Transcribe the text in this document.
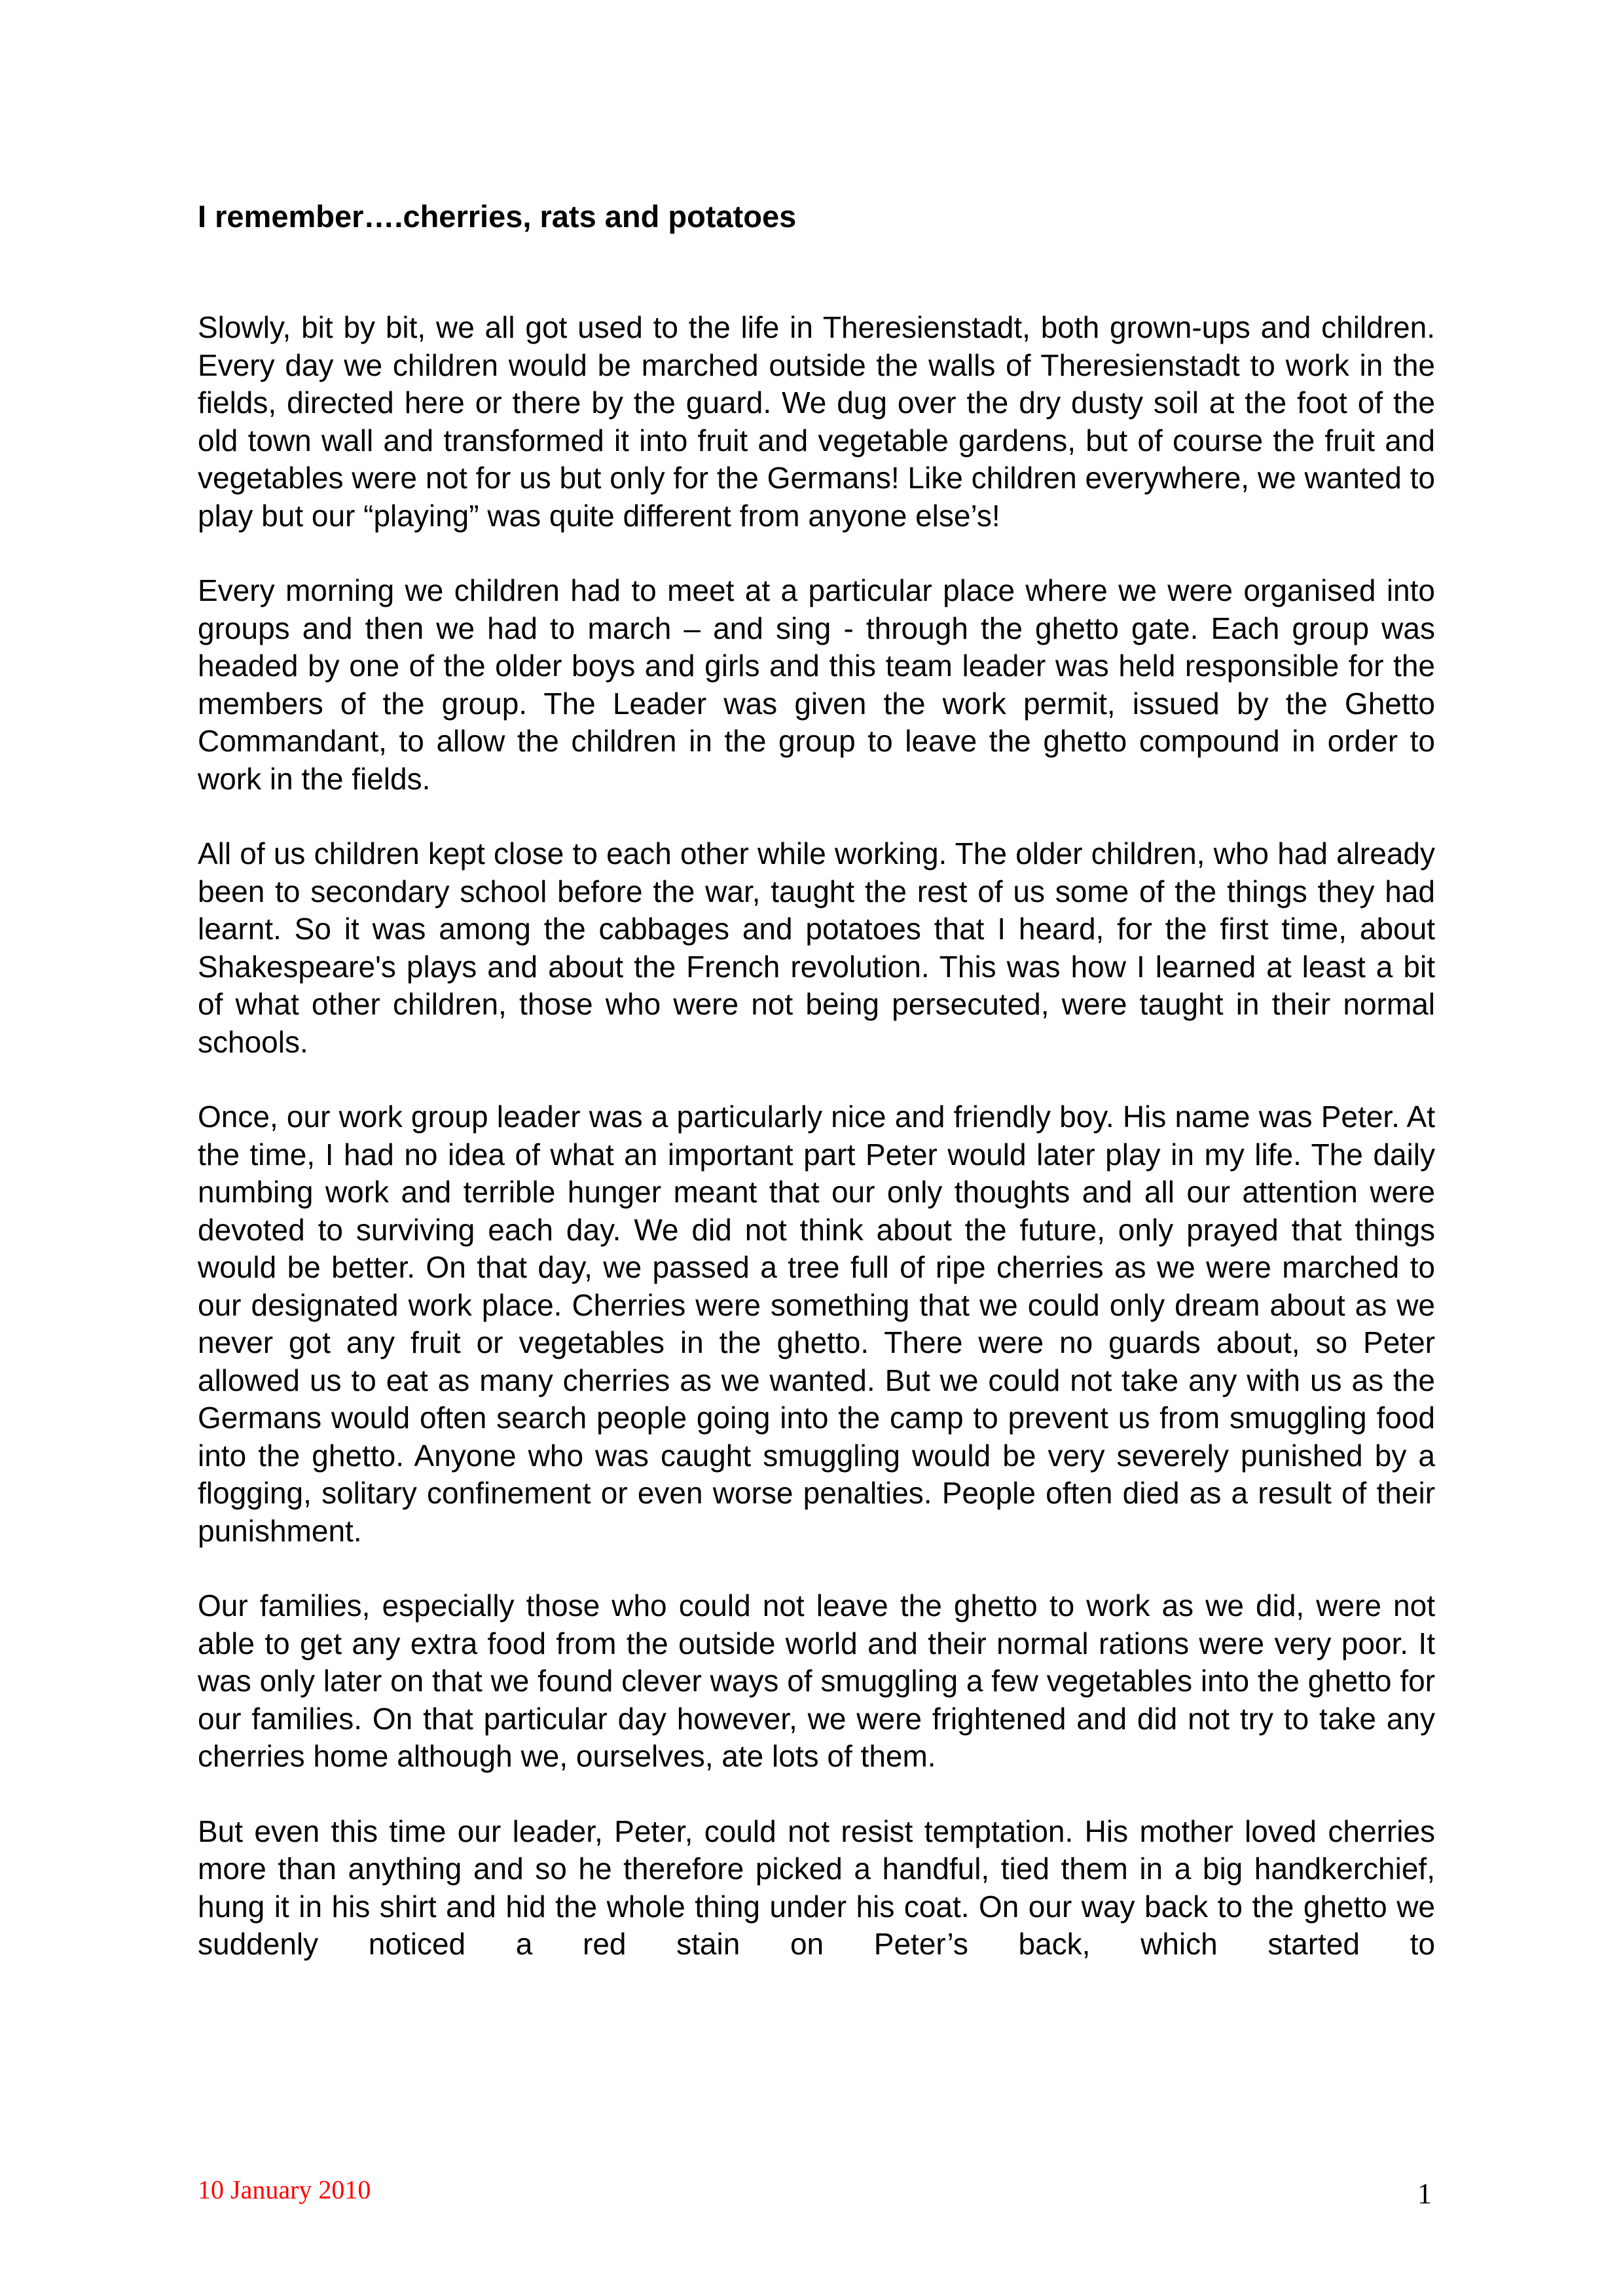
I remember….cherries, rats and potatoes

Slowly, bit by bit, we all got used to the life in Theresienstadt, both grown-ups and children. Every day we children would be marched outside the walls of Theresienstadt to work in the fields, directed here or there by the guard. We dug over the dry dusty soil at the foot of the old town wall and transformed it into fruit and vegetable gardens, but of course the fruit and vegetables were not for us but only for the Germans! Like children everywhere, we wanted to play but our “playing” was quite different from anyone else’s!

Every morning we children had to meet at a particular place where we were organised into groups and then we had to march – and sing - through the ghetto gate. Each group was headed by one of the older boys and girls and this team leader was held responsible for the members of the group. The Leader was given the work permit, issued by the Ghetto Commandant, to allow the children in the group to leave the ghetto compound in order to work in the fields.

All of us children kept close to each other while working. The older children, who had already been to secondary school before the war, taught the rest of us some of the things they had learnt. So it was among the cabbages and potatoes that I heard, for the first time, about Shakespeare's plays and about the French revolution. This was how I learned at least a bit of what other children, those who were not being persecuted, were taught in their normal schools.

Once, our work group leader was a particularly nice and friendly boy. His name was Peter. At the time, I had no idea of what an important part Peter would later play in my life. The daily numbing work and terrible hunger meant that our only thoughts and all our attention were devoted to surviving each day. We did not think about the future, only prayed that things would be better. On that day, we passed a tree full of ripe cherries as we were marched to our designated work place. Cherries were something that we could only dream about as we never got any fruit or vegetables in the ghetto. There were no guards about, so Peter allowed us to eat as many cherries as we wanted. But we could not take any with us as the Germans would often search people going into the camp to prevent us from smuggling food into the ghetto. Anyone who was caught smuggling would be very severely punished by a flogging, solitary confinement or even worse penalties. People often died as a result of their punishment.

Our families, especially those who could not leave the ghetto to work as we did, were not able to get any extra food from the outside world and their normal rations were very poor. It was only later on that we found clever ways of smuggling a few vegetables into the ghetto for our families. On that particular day however, we were frightened and did not try to take any cherries home although we, ourselves, ate lots of them.

But even this time our leader, Peter, could not resist temptation. His mother loved cherries more than anything and so he therefore picked a handful, tied them in a big handkerchief, hung it in his shirt and hid the whole thing under his coat. On our way back to the ghetto we suddenly noticed a red stain on Peter’s back, which started to

10 January 2010	1
